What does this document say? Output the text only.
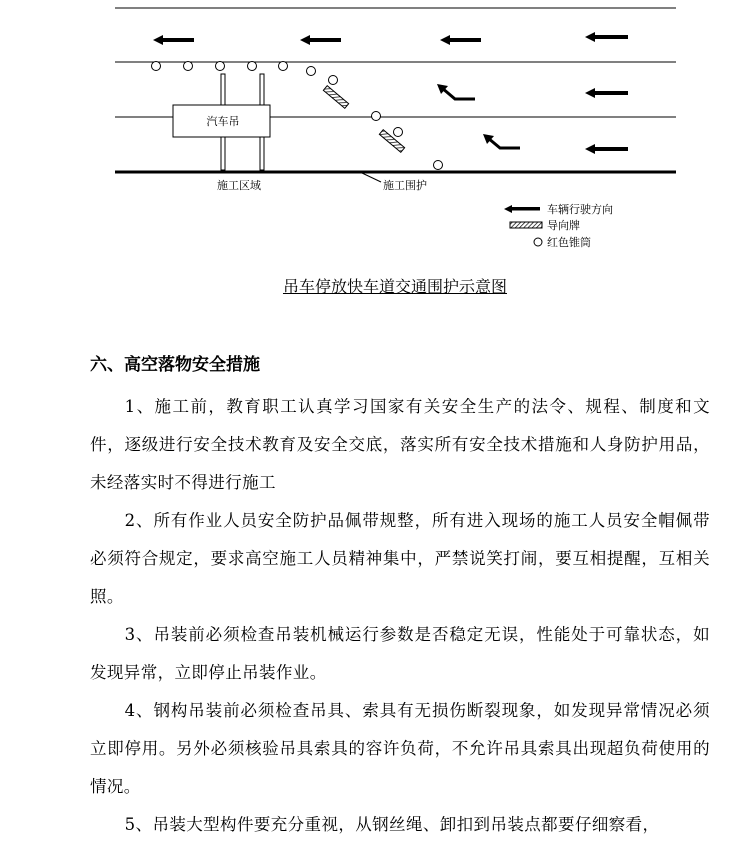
汽车吊
施工区域	施工围护
车辆行驶方向
导向牌
红色锥筒
吊车停放快车道交通围护示意图
六、高空落物安全措施

1、施工前，教育职工认真学习国家有关安全生产的法令、规程、制度和文件，逐级进行安全技术教育及安全交底，落实所有安全技术措施和人身防护用品，未经落实时不得进行施工

2、所有作业人员安全防护品佩带规整，所有进入现场的施工人员安全帽佩带必须符合规定，要求高空施工人员精神集中，严禁说笑打闹，要互相提醒，互相关照。

3、吊装前必须检查吊装机械运行参数是否稳定无误，性能处于可靠状态，如发现异常，立即停止吊装作业。

4、钢构吊装前必须检查吊具、索具有无损伤断裂现象，如发现异常情况必须立即停用。另外必须核验吊具索具的容许负荷，不允许吊具索具出现超负荷使用的情况。

5、吊装大型构件要充分重视，从钢丝绳、卸扣到吊装点都要仔细察看，
